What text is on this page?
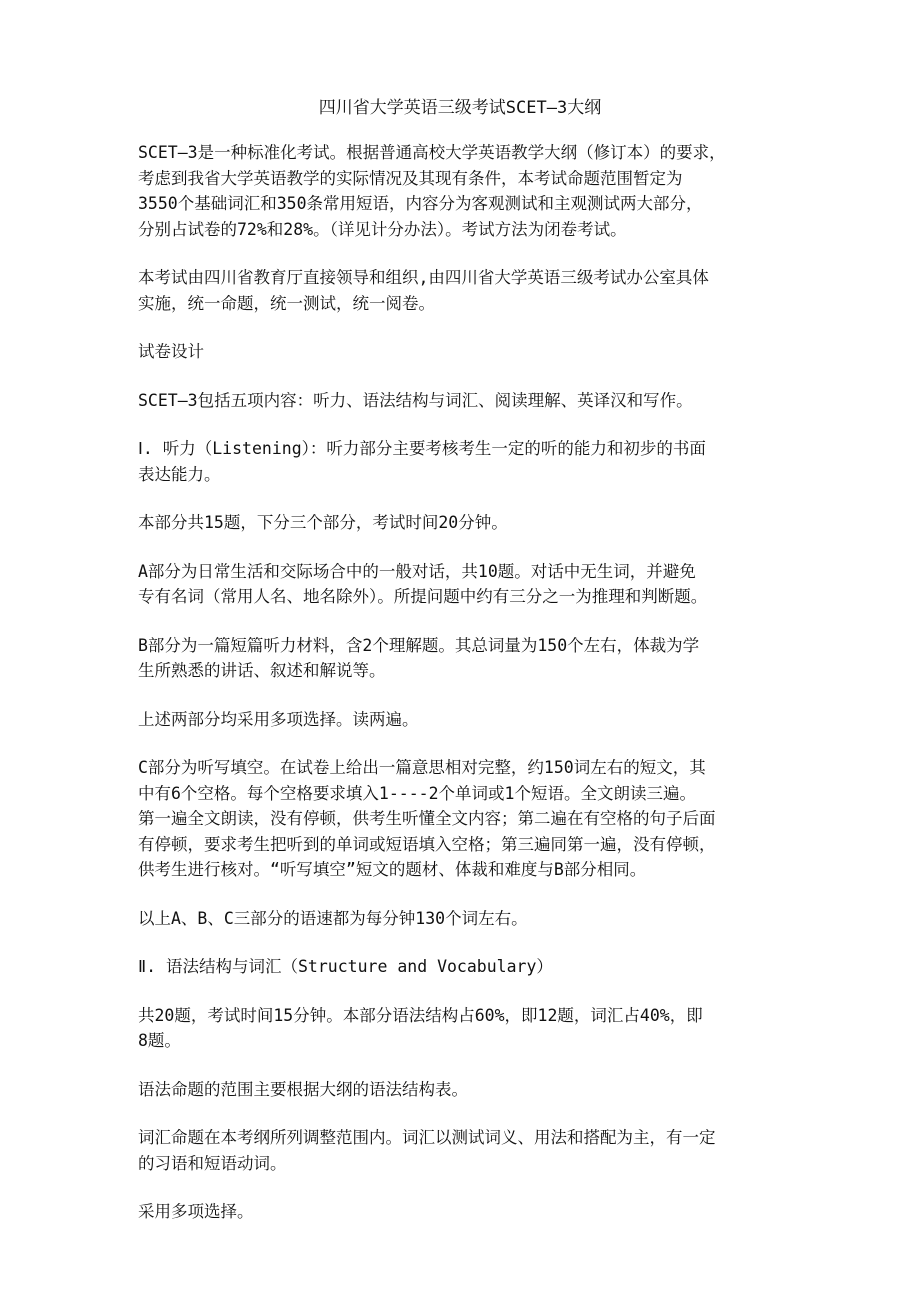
四川省大学英语三级考试SCET—3大纲

SCET—3是一种标准化考试。根据普通高校大学英语教学大纲（修订本）的要求，
考虑到我省大学英语教学的实际情况及其现有条件，本考试命题范围暂定为
3550个基础词汇和350条常用短语，内容分为客观测试和主观测试两大部分，
分别占试卷的72%和28%。（详见计分办法）。考试方法为闭卷考试。

本考试由四川省教育厅直接领导和组织,由四川省大学英语三级考试办公室具体
实施，统一命题，统一测试，统一阅卷。

试卷设计

SCET—3包括五项内容：听力、语法结构与词汇、阅读理解、英译汉和写作。

Ⅰ. 听力（Listening）：听力部分主要考核考生一定的听的能力和初步的书面
表达能力。

本部分共15题，下分三个部分，考试时间20分钟。

A部分为日常生活和交际场合中的一般对话，共10题。对话中无生词，并避免
专有名词（常用人名、地名除外）。所提问题中约有三分之一为推理和判断题。

B部分为一篇短篇听力材料，含2个理解题。其总词量为150个左右，体裁为学
生所熟悉的讲话、叙述和解说等。

上述两部分均采用多项选择。读两遍。

C部分为听写填空。在试卷上给出一篇意思相对完整，约150词左右的短文，其
中有6个空格。每个空格要求填入1----2个单词或1个短语。全文朗读三遍。
第一遍全文朗读，没有停顿，供考生听懂全文内容；第二遍在有空格的句子后面
有停顿，要求考生把听到的单词或短语填入空格；第三遍同第一遍，没有停顿，
供考生进行核对。“听写填空”短文的题材、体裁和难度与B部分相同。

以上A、B、C三部分的语速都为每分钟130个词左右。

Ⅱ. 语法结构与词汇（Structure and Vocabulary）

共20题，考试时间15分钟。本部分语法结构占60%，即12题，词汇占40%，即
8题。

语法命题的范围主要根据大纲的语法结构表。

词汇命题在本考纲所列调整范围内。词汇以测试词义、用法和搭配为主，有一定
的习语和短语动词。

采用多项选择。
